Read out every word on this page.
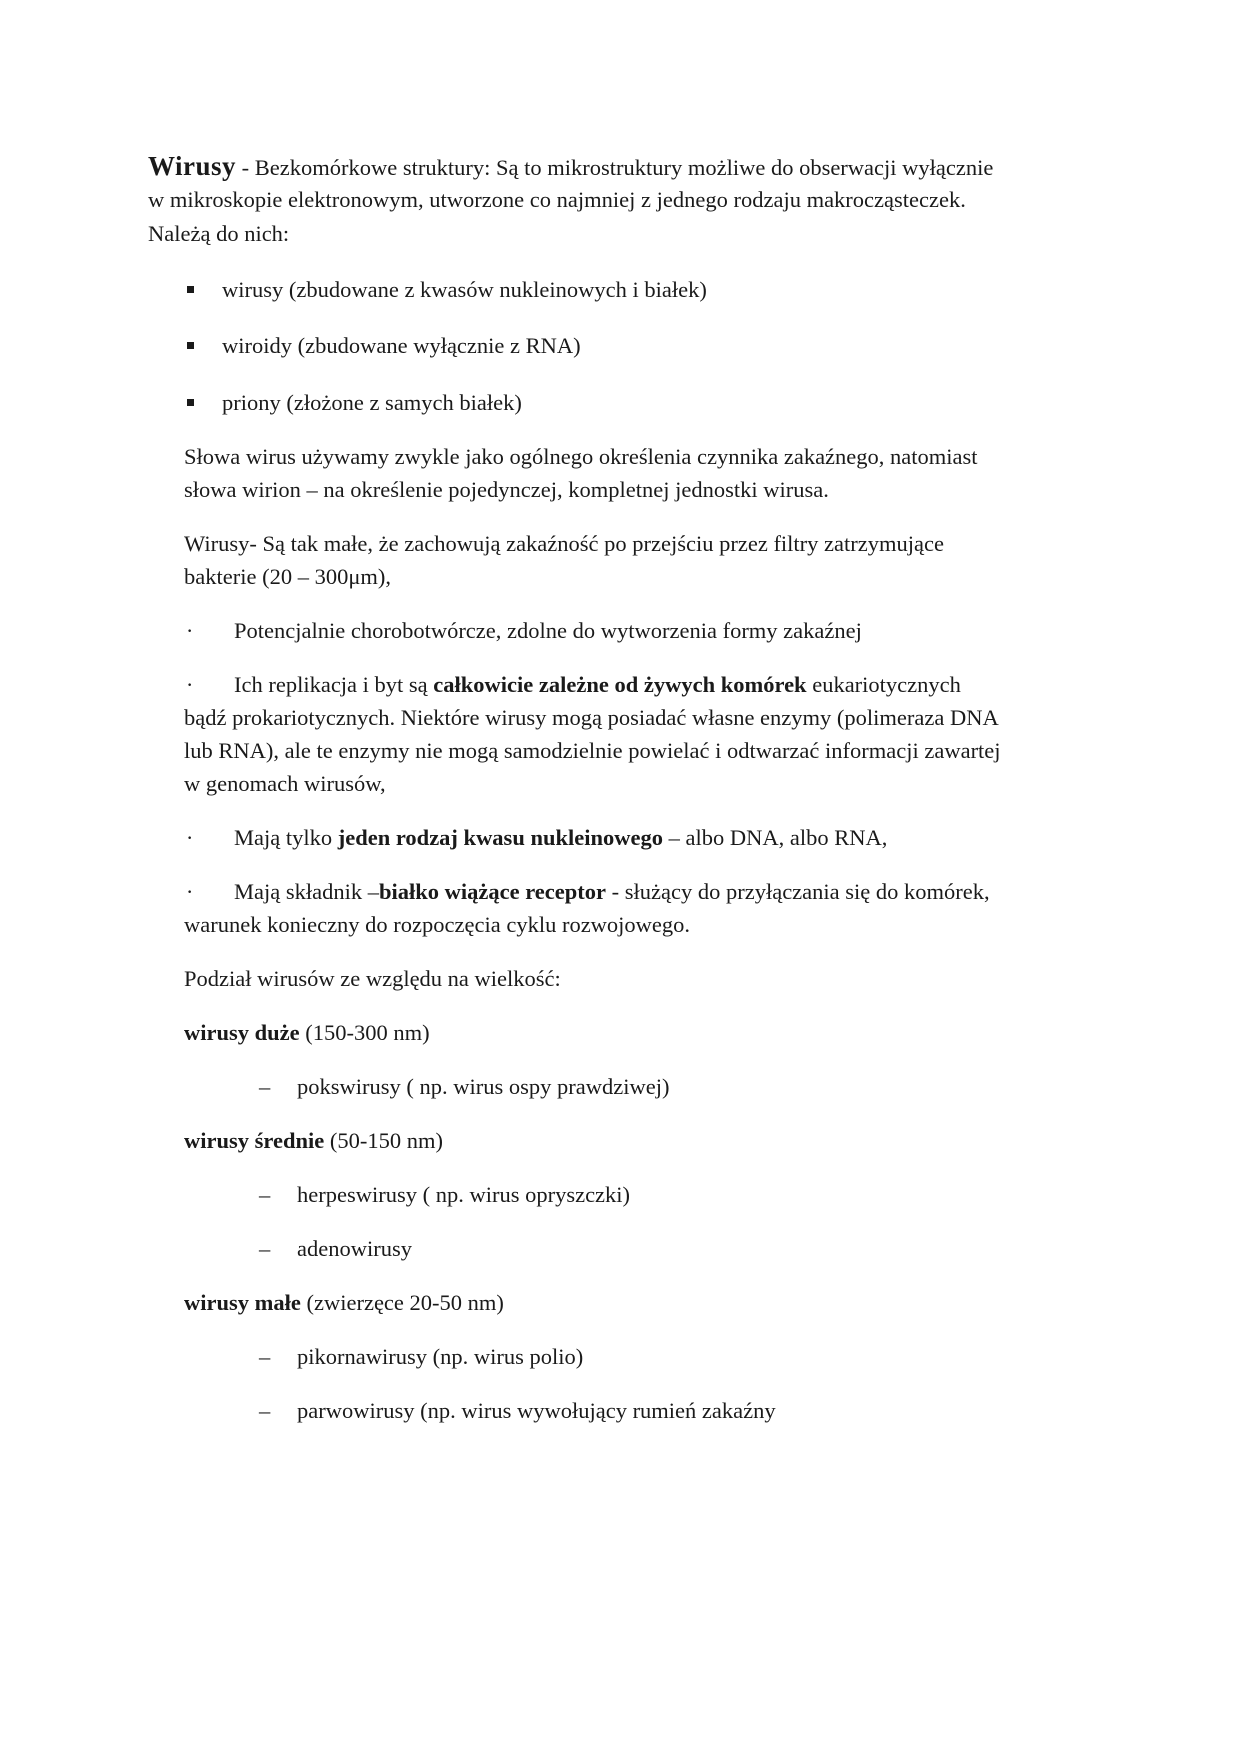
Wirusy - Bezkomórkowe struktury: Są to mikrostruktury możliwe do obserwacji wyłącznie
w mikroskopie elektronowym, utworzone co najmniej z jednego rodzaju makrocząsteczek.
Należą do nich:
wirusy (zbudowane z kwasów nukleinowych i białek)
wiroidy (zbudowane wyłącznie z RNA)
priony (złożone z samych białek)
Słowa wirus używamy zwykle jako ogólnego określenia czynnika zakaźnego, natomiast
słowa wirion – na określenie pojedynczej, kompletnej jednostki wirusa.
Wirusy- Są tak małe, że zachowują zakaźność po przejściu przez filtry zatrzymujące
bakterie (20 – 300μm),
· Potencjalnie chorobotwórcze, zdolne do wytworzenia formy zakaźnej
· Ich replikacja i byt są całkowicie zależne od żywych komórek eukariotycznych
bądź prokariotycznych. Niektóre wirusy mogą posiadać własne enzymy (polimeraza DNA
lub RNA), ale te enzymy nie mogą samodzielnie powielać i odtwarzać informacji zawartej
w genomach wirusów,
· Mają tylko jeden rodzaj kwasu nukleinowego – albo DNA, albo RNA,
· Mają składnik –białko wiążące receptor - służący do przyłączania się do komórek,
warunek konieczny do rozpoczęcia cyklu rozwojowego.
Podział wirusów ze względu na wielkość:
wirusy duże (150-300 nm)
– pokswirusy ( np. wirus ospy prawdziwej)
wirusy średnie (50-150 nm)
– herpeswirusy ( np. wirus opryszczki)
– adenowirusy
wirusy małe (zwierzęce 20-50 nm)
– pikornawirusy (np. wirus polio)
– parwowirusy (np. wirus wywołujący rumień zakaźny
